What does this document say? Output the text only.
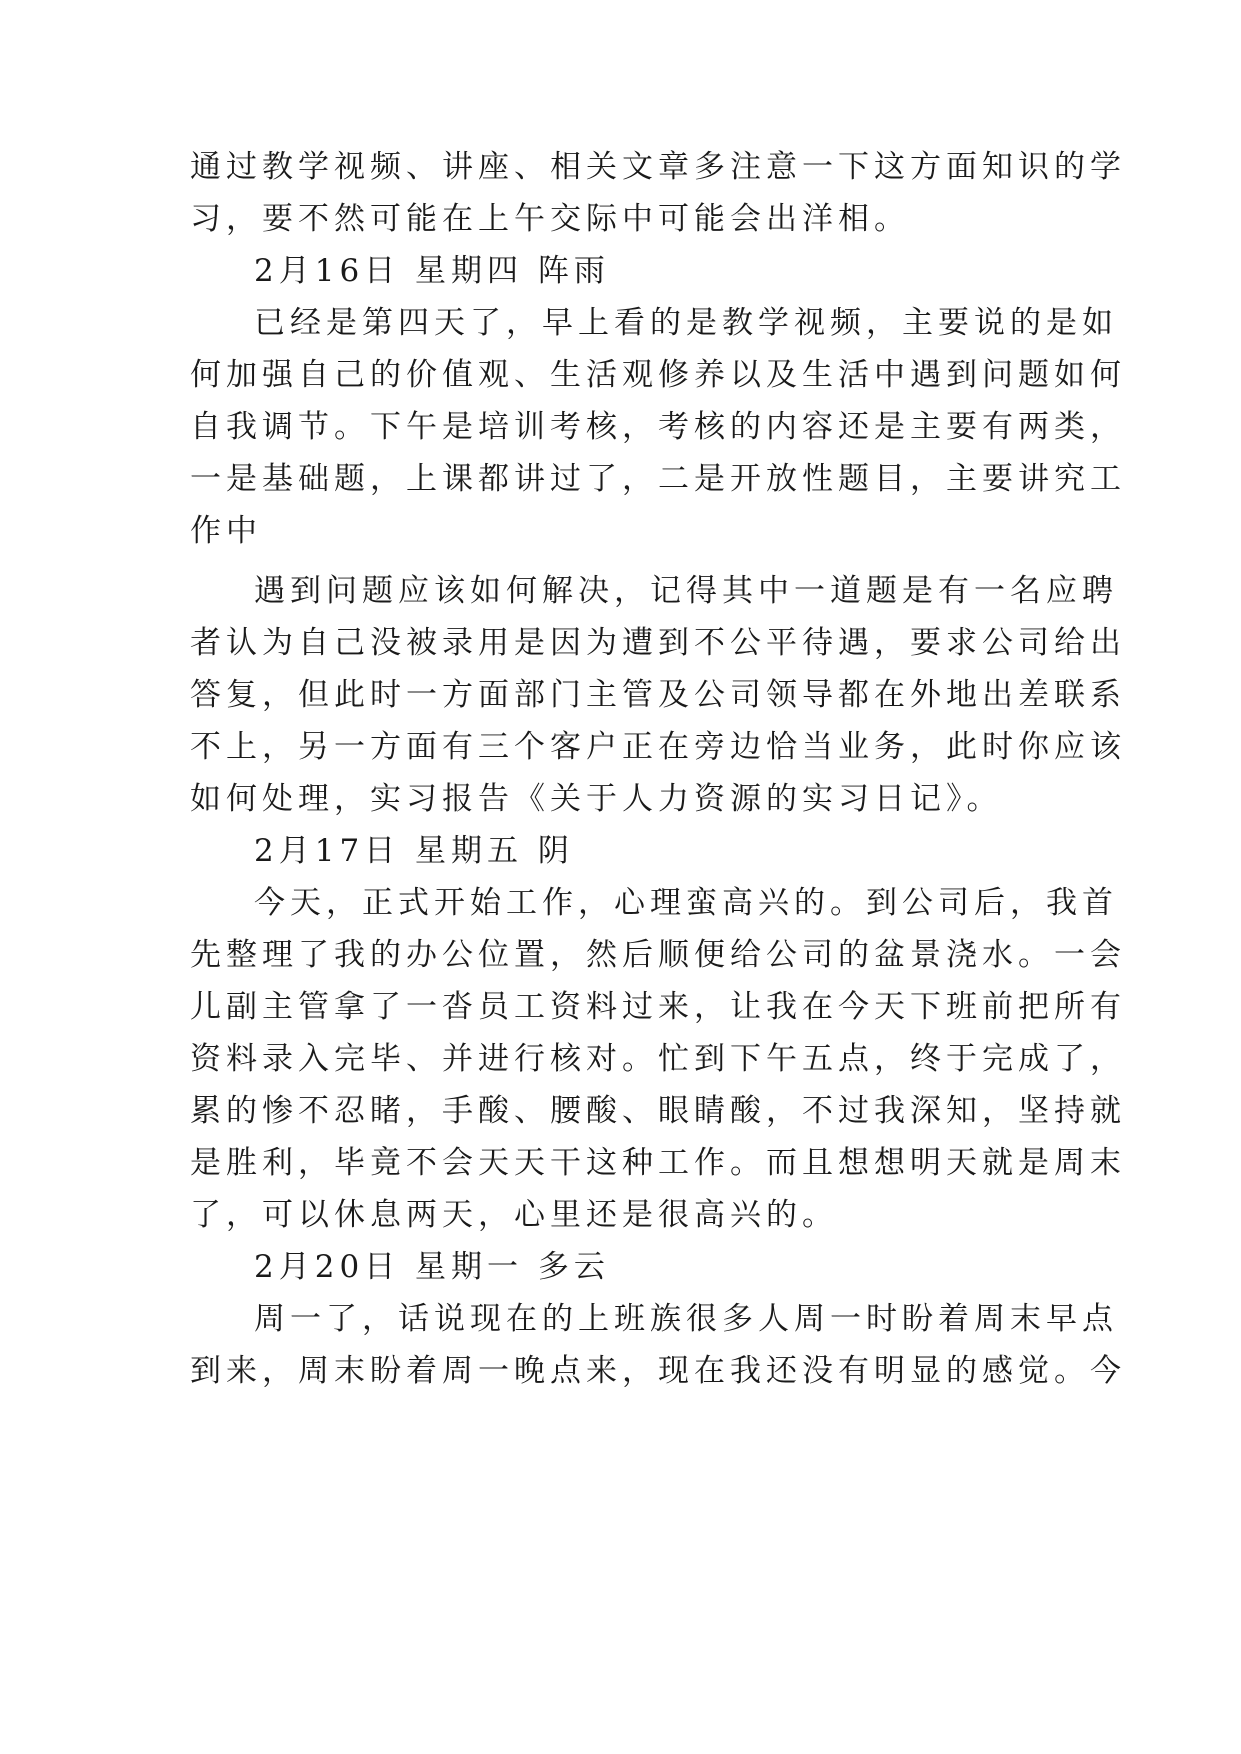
通过教学视频、讲座、相关文章多注意一下这方面知识的学
习，要不然可能在上午交际中可能会出洋相。
2月16日 星期四 阵雨
已经是第四天了，早上看的是教学视频，主要说的是如
何加强自己的价值观、生活观修养以及生活中遇到问题如何
自我调节。下午是培训考核，考核的内容还是主要有两类，
一是基础题，上课都讲过了，二是开放性题目，主要讲究工
作中
遇到问题应该如何解决，记得其中一道题是有一名应聘
者认为自己没被录用是因为遭到不公平待遇，要求公司给出
答复，但此时一方面部门主管及公司领导都在外地出差联系
不上，另一方面有三个客户正在旁边恰当业务，此时你应该
如何处理，实习报告《关于人力资源的实习日记》。
2月17日 星期五 阴
今天，正式开始工作，心理蛮高兴的。到公司后，我首
先整理了我的办公位置，然后顺便给公司的盆景浇水。一会
儿副主管拿了一沓员工资料过来，让我在今天下班前把所有
资料录入完毕、并进行核对。忙到下午五点，终于完成了，
累的惨不忍睹，手酸、腰酸、眼睛酸，不过我深知，坚持就
是胜利，毕竟不会天天干这种工作。而且想想明天就是周末
了，可以休息两天，心里还是很高兴的。
2月20日 星期一 多云
周一了，话说现在的上班族很多人周一时盼着周末早点
到来，周末盼着周一晚点来，现在我还没有明显的感觉。今
